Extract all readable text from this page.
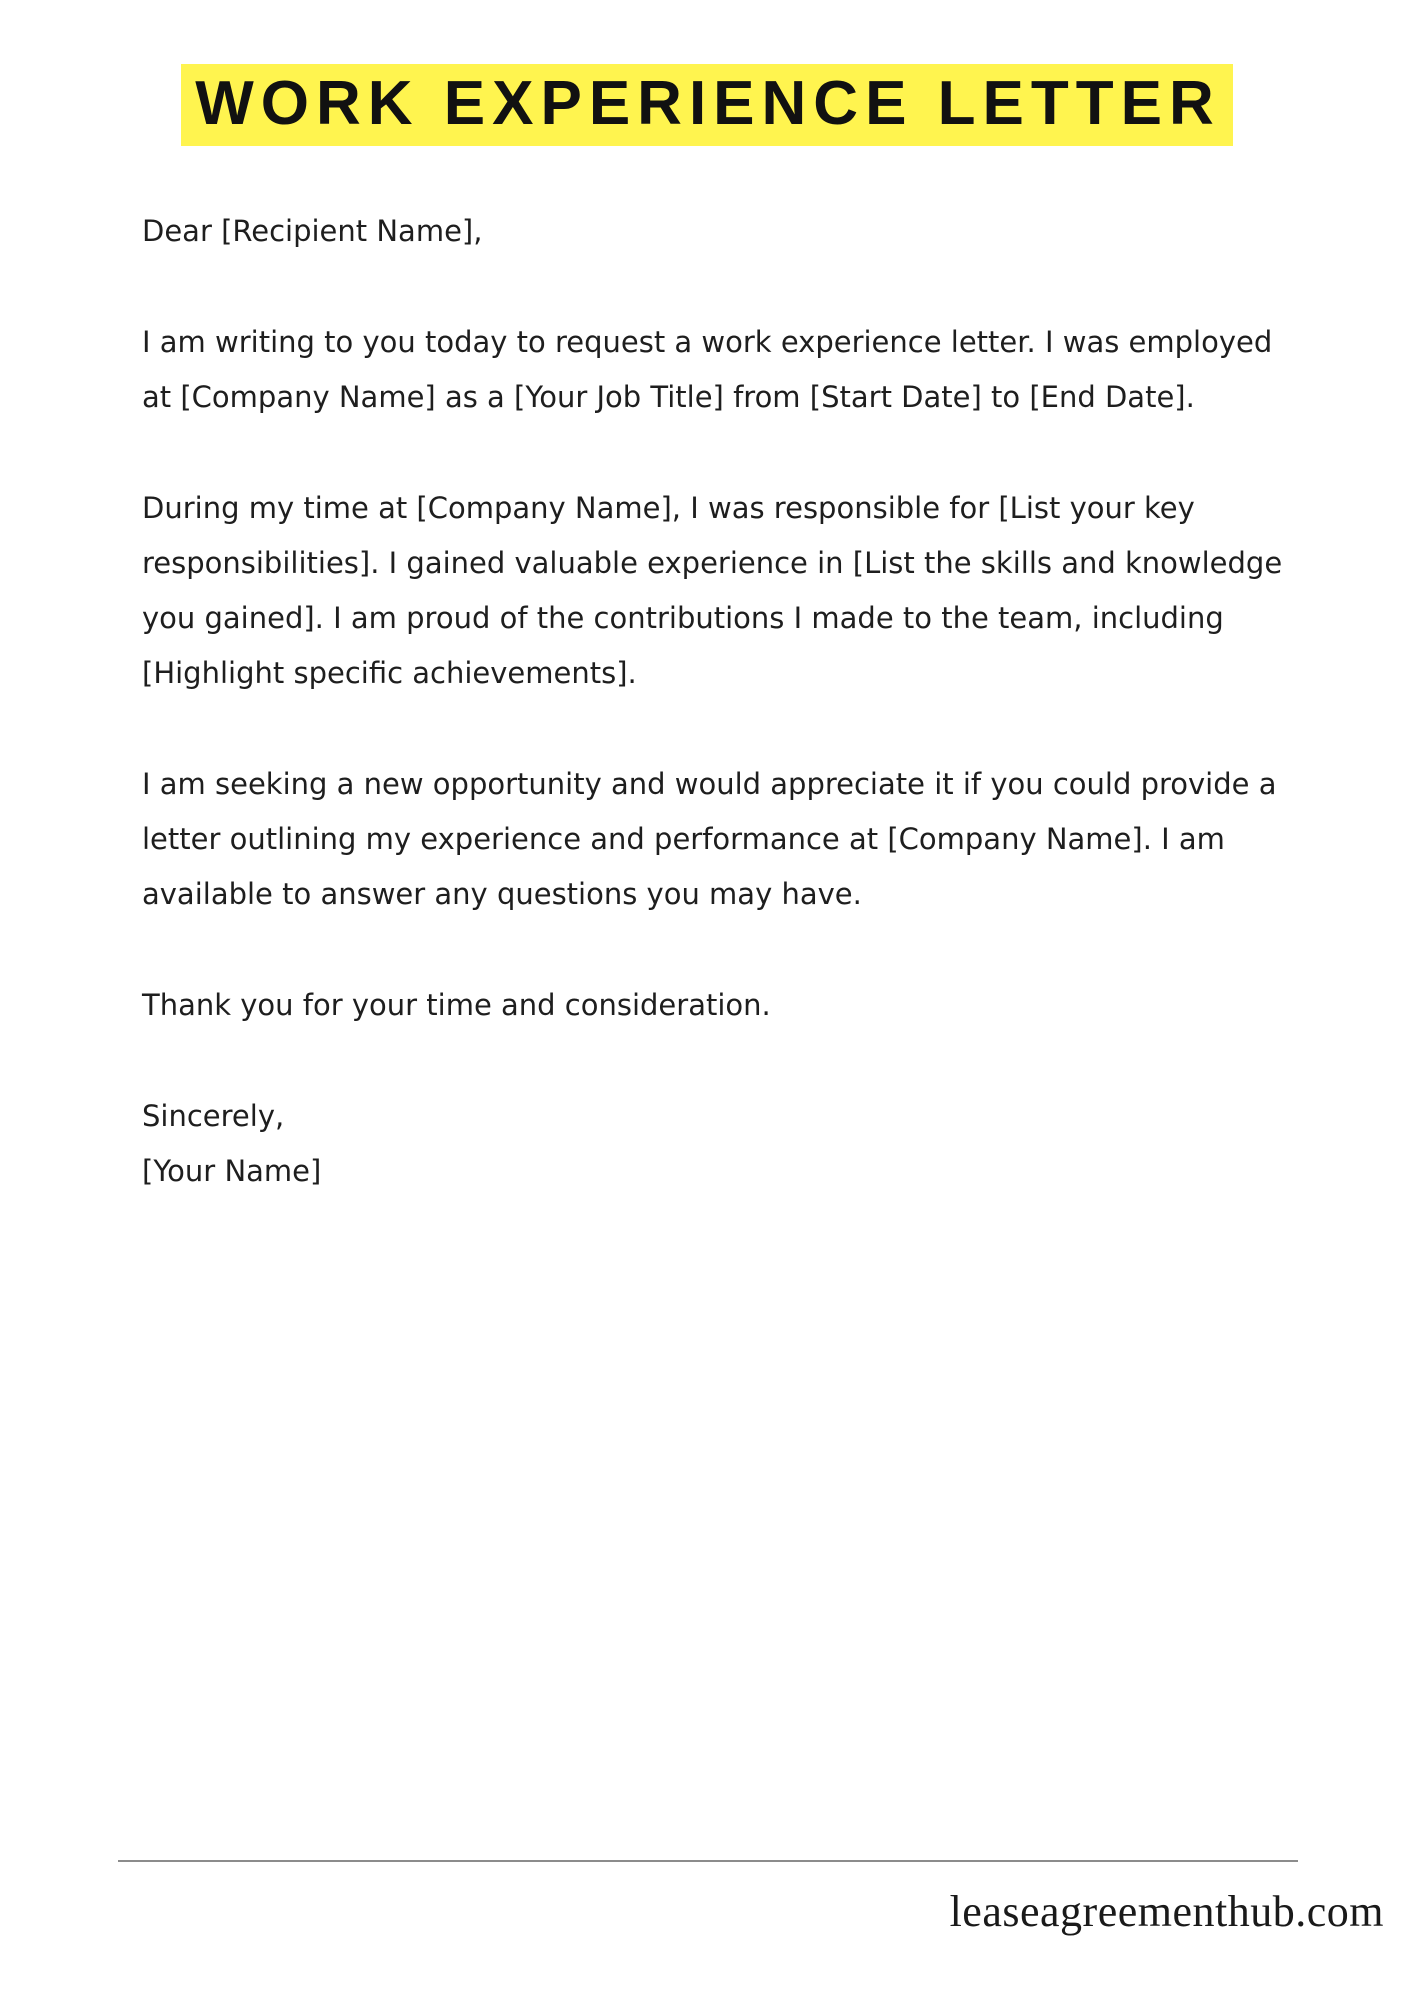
WORK EXPERIENCE LETTER

Dear [Recipient Name],

I am writing to you today to request a work experience letter. I was employed at [Company Name] as a [Your Job Title] from [Start Date] to [End Date].

During my time at [Company Name], I was responsible for [List your key responsibilities]. I gained valuable experience in [List the skills and knowledge you gained]. I am proud of the contributions I made to the team, including [Highlight specific achievements].

I am seeking a new opportunity and would appreciate it if you could provide a letter outlining my experience and performance at [Company Name]. I am available to answer any questions you may have.

Thank you for your time and consideration.

Sincerely,

[Your Name]

leaseagreementhub.com
